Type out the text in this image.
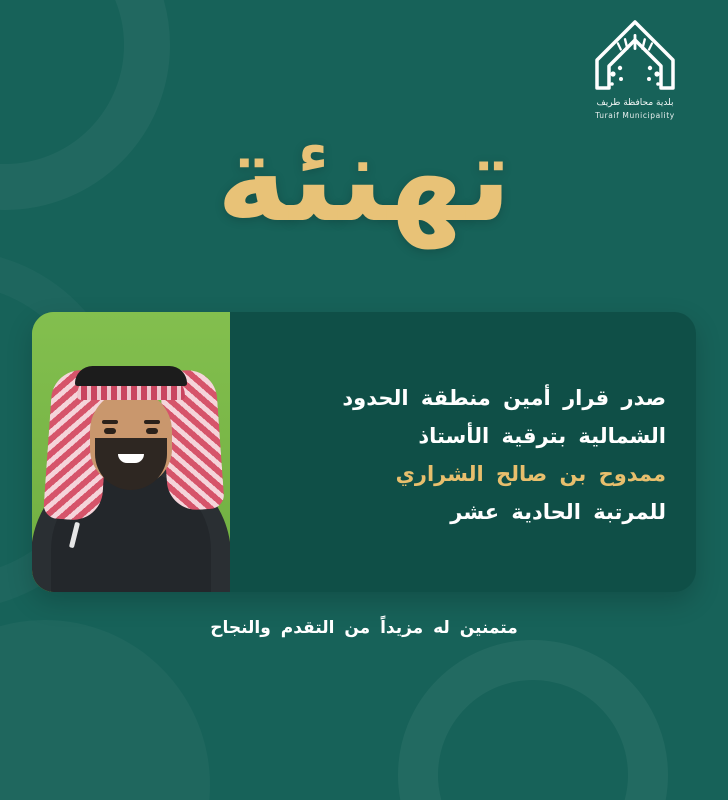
بلدية محافظة طريف
Turaif Municipality
تهنئة
صدر قرار أمين منطقة الحدود
الشمالية بترقية الأستاذ
ممدوح بن صالح الشراري
للمرتبة الحادية عشر
متمنين له مزيداً من التقدم والنجاح
